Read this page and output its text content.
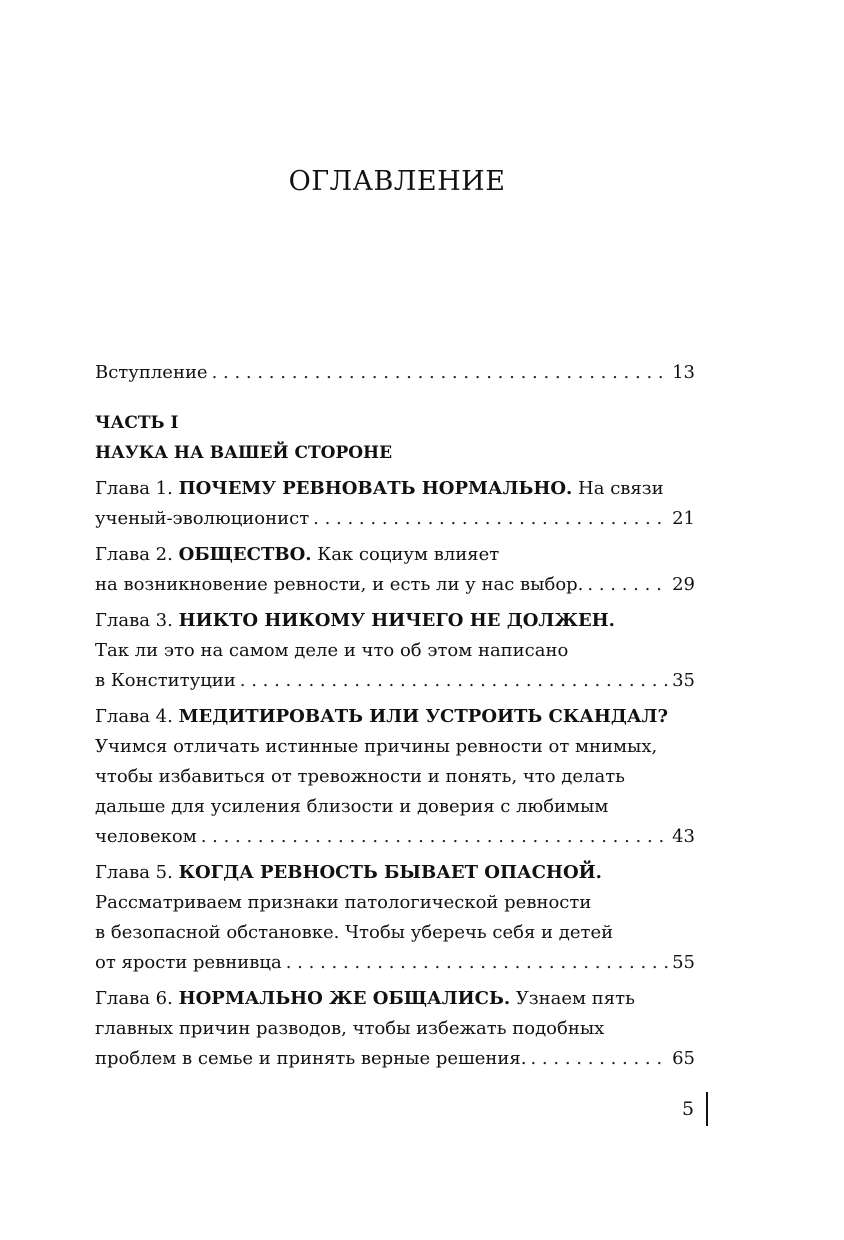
ОГЛАВЛЕНИЕ
Вступление . . .	13
ЧАСТЬ I
НАУКА НА ВАШЕЙ СТОРОНЕ
Глава 1. ПОЧЕМУ РЕВНОВАТЬ НОРМАЛЬНО. На связи
ученый-эволюционист . . .	21
Глава 2. ОБЩЕСТВО. Как социум влияет
на возникновение ревности, и есть ли у нас выбор. . . .	29
Глава 3. НИКТО НИКОМУ НИЧЕГО НЕ ДОЛЖЕН.
Так ли это на самом деле и что об этом написано
в Конституции . . .	35
Глава 4. МЕДИТИРОВАТЬ ИЛИ УСТРОИТЬ СКАНДАЛ?
Учимся отличать истинные причины ревности от мнимых,
чтобы избавиться от тревожности и понять, что делать
дальше для усиления близости и доверия с любимым
человеком . . .	43
Глава 5. КОГДА РЕВНОСТЬ БЫВАЕТ ОПАСНОЙ.
Рассматриваем признаки патологической ревности
в безопасной обстановке. Чтобы уберечь себя и детей
от ярости ревнивца . . .	55
Глава 6. НОРМАЛЬНО ЖЕ ОБЩАЛИСЬ. Узнаем пять
главных причин разводов, чтобы избежать подобных
проблем в семье и принять верные решения. . . .	65
5
